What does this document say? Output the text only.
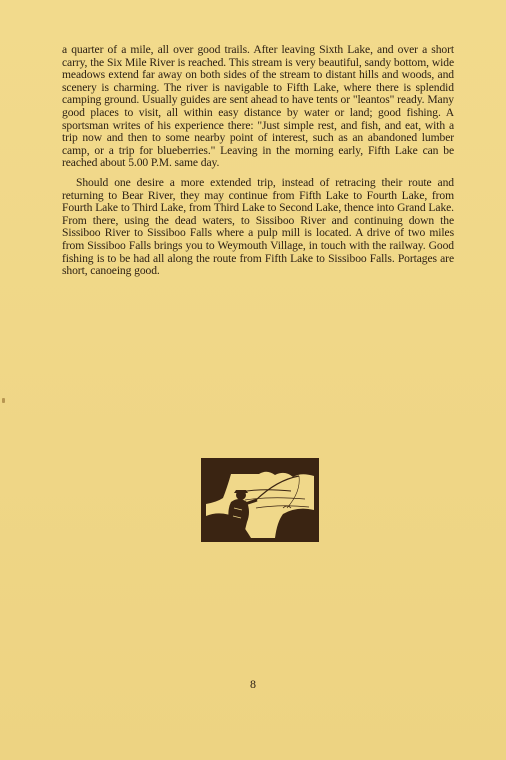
a quarter of a mile, all over good trails. After leaving Sixth Lake, and over a short carry, the Six Mile River is reached. This stream is very beautiful, sandy bottom, wide meadows extend far away on both sides of the stream to distant hills and woods, and scenery is charming. The river is navigable to Fifth Lake, where there is splendid camping ground. Usually guides are sent ahead to have tents or "leantos" ready. Many good places to visit, all within easy distance by water or land; good fishing. A sportsman writes of his experience there: "Just simple rest, and fish, and eat, with a trip now and then to some nearby point of interest, such as an abandoned lumber camp, or a trip for blueberries." Leaving in the morning early, Fifth Lake can be reached about 5.00 P.M. same day.

Should one desire a more extended trip, instead of retracing their route and returning to Bear River, they may continue from Fifth Lake to Fourth Lake, from Fourth Lake to Third Lake, from Third Lake to Second Lake, thence into Grand Lake. From there, using the dead waters, to Sissiboo River and continuing down the Sissiboo River to Sissiboo Falls where a pulp mill is located. A drive of two miles from Sissiboo Falls brings you to Weymouth Village, in touch with the railway. Good fishing is to be had all along the route from Fifth Lake to Sissiboo Falls. Portages are short, canoeing good.

8
